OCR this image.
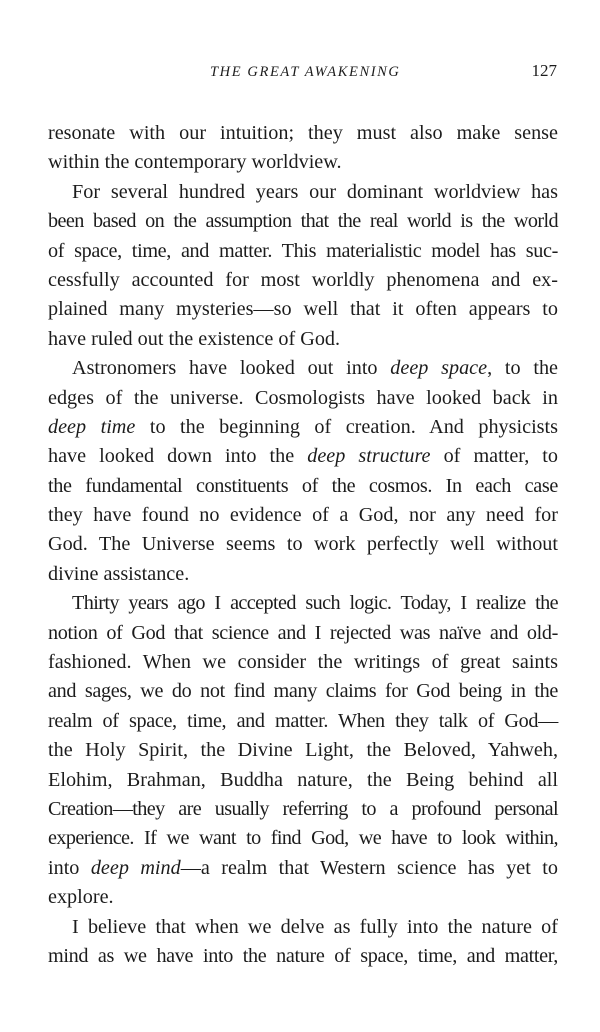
THE GREAT AWAKENING	127
resonate with our intuition; they must also make sense
within the contemporary worldview.
For several hundred years our dominant worldview has
been based on the assumption that the real world is the world
of space, time, and matter. This materialistic model has suc-
cessfully accounted for most worldly phenomena and ex-
plained many mysteries—so well that it often appears to
have ruled out the existence of God.
Astronomers have looked out into deep space, to the
edges of the universe. Cosmologists have looked back in
deep time to the beginning of creation. And physicists
have looked down into the deep structure of matter, to
the fundamental constituents of the cosmos. In each case
they have found no evidence of a God, nor any need for
God. The Universe seems to work perfectly well without
divine assistance.
Thirty years ago I accepted such logic. Today, I realize the
notion of God that science and I rejected was naïve and old-
fashioned. When we consider the writings of great saints
and sages, we do not find many claims for God being in the
realm of space, time, and matter. When they talk of God—
the Holy Spirit, the Divine Light, the Beloved, Yahweh,
Elohim, Brahman, Buddha nature, the Being behind all
Creation—they are usually referring to a profound personal
experience. If we want to find God, we have to look within,
into deep mind—a realm that Western science has yet to
explore.
I believe that when we delve as fully into the nature of
mind as we have into the nature of space, time, and matter,
